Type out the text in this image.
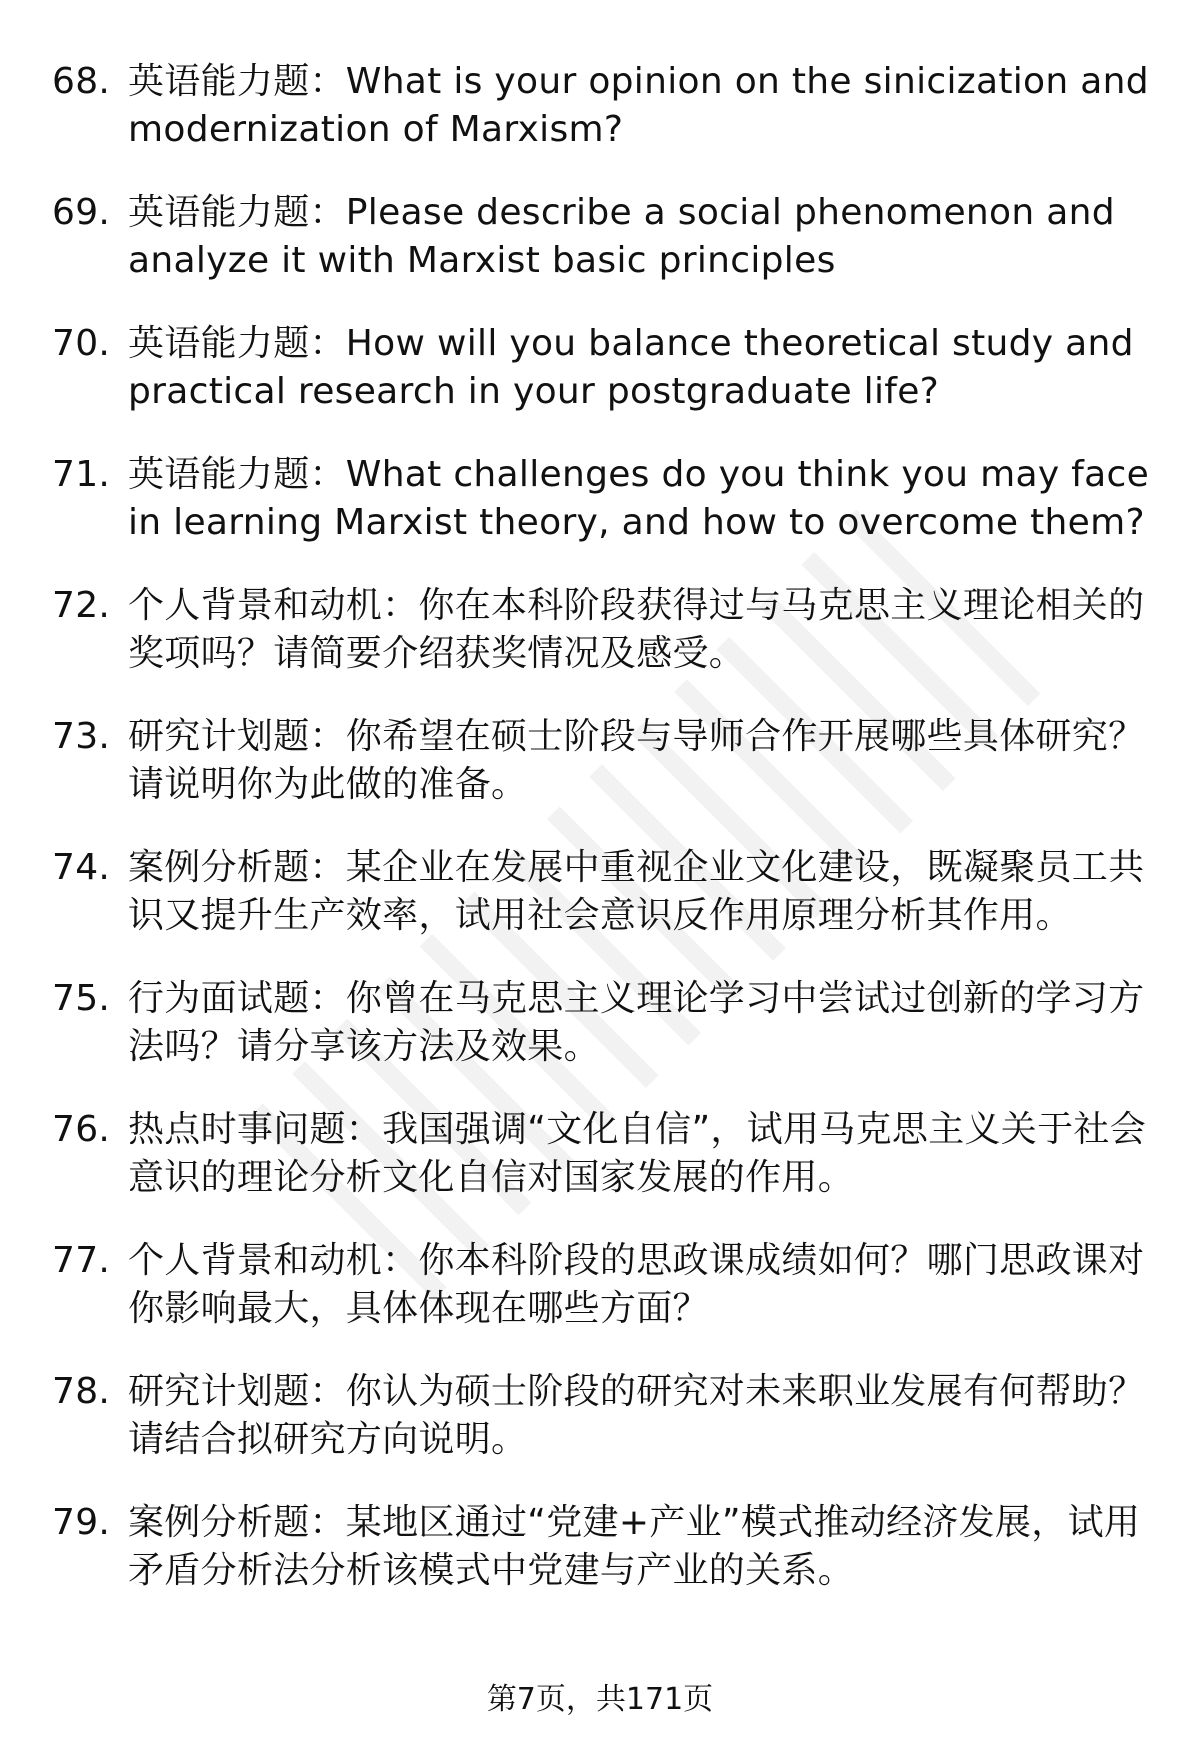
68. 英语能力题：What is your opinion on the sinicization and modernization of Marxism?
69. 英语能力题：Please describe a social phenomenon and analyze it with Marxist basic principles
70. 英语能力题：How will you balance theoretical study and practical research in your postgraduate life?
71. 英语能力题：What challenges do you think you may face in learning Marxist theory, and how to overcome them?
72. 个人背景和动机：你在本科阶段获得过与马克思主义理论相关的奖项吗？请简要介绍获奖情况及感受。
73. 研究计划题：你希望在硕士阶段与导师合作开展哪些具体研究？请说明你为此做的准备。
74. 案例分析题：某企业在发展中重视企业文化建设，既凝聚员工共识又提升生产效率，试用社会意识反作用原理分析其作用。
75. 行为面试题：你曾在马克思主义理论学习中尝试过创新的学习方法吗？请分享该方法及效果。
76. 热点时事问题：我国强调“文化自信”，试用马克思主义关于社会意识的理论分析文化自信对国家发展的作用。
77. 个人背景和动机：你本科阶段的思政课成绩如何？哪门思政课对你影响最大，具体体现在哪些方面？
78. 研究计划题：你认为硕士阶段的研究对未来职业发展有何帮助？请结合拟研究方向说明。
79. 案例分析题：某地区通过“党建+产业”模式推动经济发展，试用矛盾分析法分析该模式中党建与产业的关系。
第7页，共171页
